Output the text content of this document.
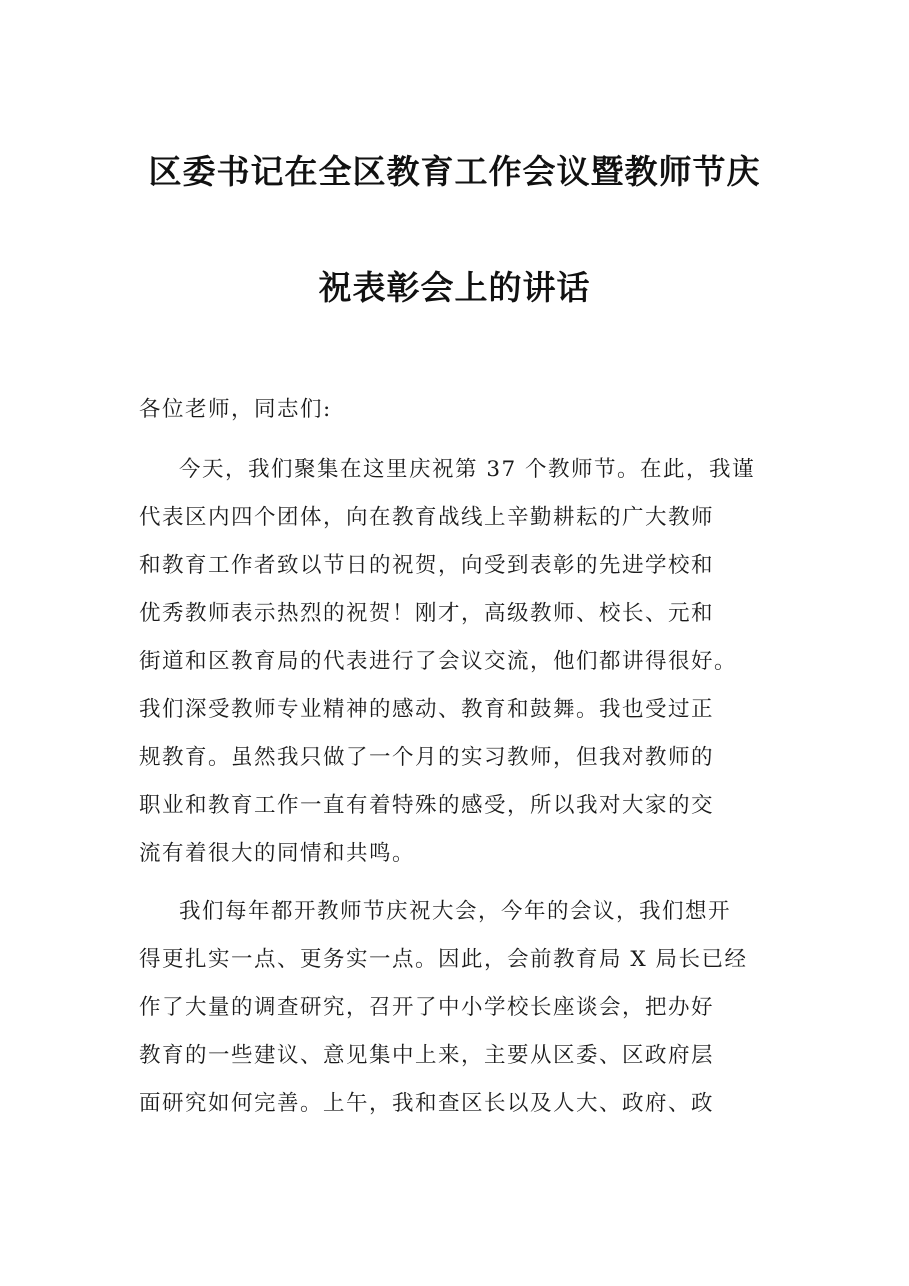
区委书记在全区教育工作会议暨教师节庆
祝表彰会上的讲话
各位老师，同志们:
今天，我们聚集在这里庆祝第 37 个教师节。在此，我谨
代表区内四个团体，向在教育战线上辛勤耕耘的广大教师
和教育工作者致以节日的祝贺，向受到表彰的先进学校和
优秀教师表示热烈的祝贺！刚才，高级教师、校长、元和
街道和区教育局的代表进行了会议交流，他们都讲得很好。
我们深受教师专业精神的感动、教育和鼓舞。我也受过正
规教育。虽然我只做了一个月的实习教师，但我对教师的
职业和教育工作一直有着特殊的感受，所以我对大家的交
流有着很大的同情和共鸣。
我们每年都开教师节庆祝大会，今年的会议，我们想开
得更扎实一点、更务实一点。因此，会前教育局 X 局长已经
作了大量的调查研究，召开了中小学校长座谈会，把办好
教育的一些建议、意见集中上来，主要从区委、区政府层
面研究如何完善。上午，我和查区长以及人大、政府、政
